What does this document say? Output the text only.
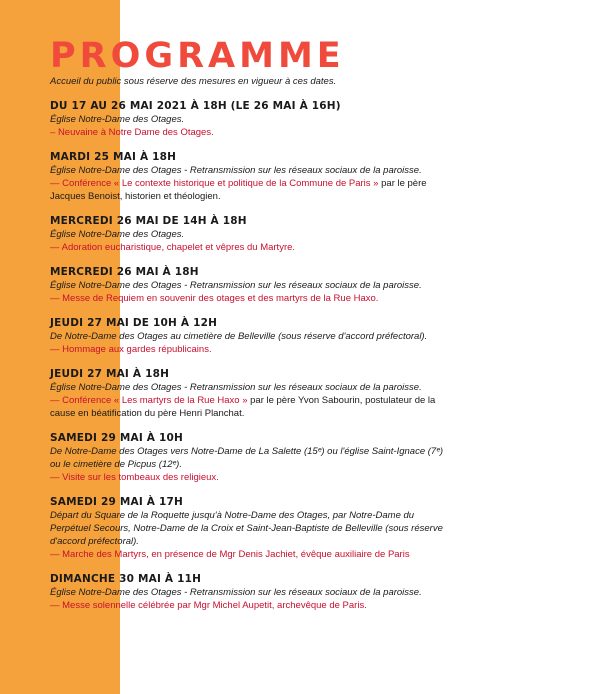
PROGRAMME

Accueil du public sous réserve des mesures en vigueur à ces dates.

DU 17 AU 26 MAI 2021 À 18H (LE 26 MAI À 16H)
Église Notre-Dame des Otages.
– Neuvaine à Notre Dame des Otages.
MARDI 25 MAI À 18H
Église Notre-Dame des Otages - Retransmission sur les réseaux sociaux de la paroisse.
— Conférence « Le contexte historique et politique de la Commune de Paris » par le père Jacques Benoist, historien et théologien.
MERCREDI 26 MAI DE 14H À 18H
Église Notre-Dame des Otages.
— Adoration eucharistique, chapelet et vêpres du Martyre.
MERCREDI 26 MAI À 18H
Église Notre-Dame des Otages - Retransmission sur les réseaux sociaux de la paroisse.
— Messe de Requiem en souvenir des otages et des martyrs de la Rue Haxo.
JEUDI 27 MAI DE 10H À 12H
De Notre-Dame des Otages au cimetière de Belleville (sous réserve d'accord préfectoral).
— Hommage aux gardes républicains.
JEUDI 27 MAI À 18H
Église Notre-Dame des Otages - Retransmission sur les réseaux sociaux de la paroisse.
— Conférence « Les martyrs de la Rue Haxo » par le père Yvon Sabourin, postulateur de la cause en béatification du père Henri Planchat.
SAMEDI 29 MAI À 10H
De Notre-Dame des Otages vers Notre-Dame de La Salette (15ᵉ) ou l'église Saint-Ignace (7ᵉ) ou le cimetière de Picpus (12ᵉ).
— Visite sur les tombeaux des religieux.
SAMEDI 29 MAI À 17H
Départ du Square de la Roquette jusqu'à Notre-Dame des Otages, par Notre-Dame du Perpétuel Secours, Notre-Dame de la Croix et Saint-Jean-Baptiste de Belleville (sous réserve d'accord préfectoral).
— Marche des Martyrs, en présence de Mgr Denis Jachiet, évêque auxiliaire de Paris
DIMANCHE 30 MAI À 11H
Église Notre-Dame des Otages - Retransmission sur les réseaux sociaux de la paroisse.
— Messe solennelle célébrée par Mgr Michel Aupetit, archevêque de Paris.
